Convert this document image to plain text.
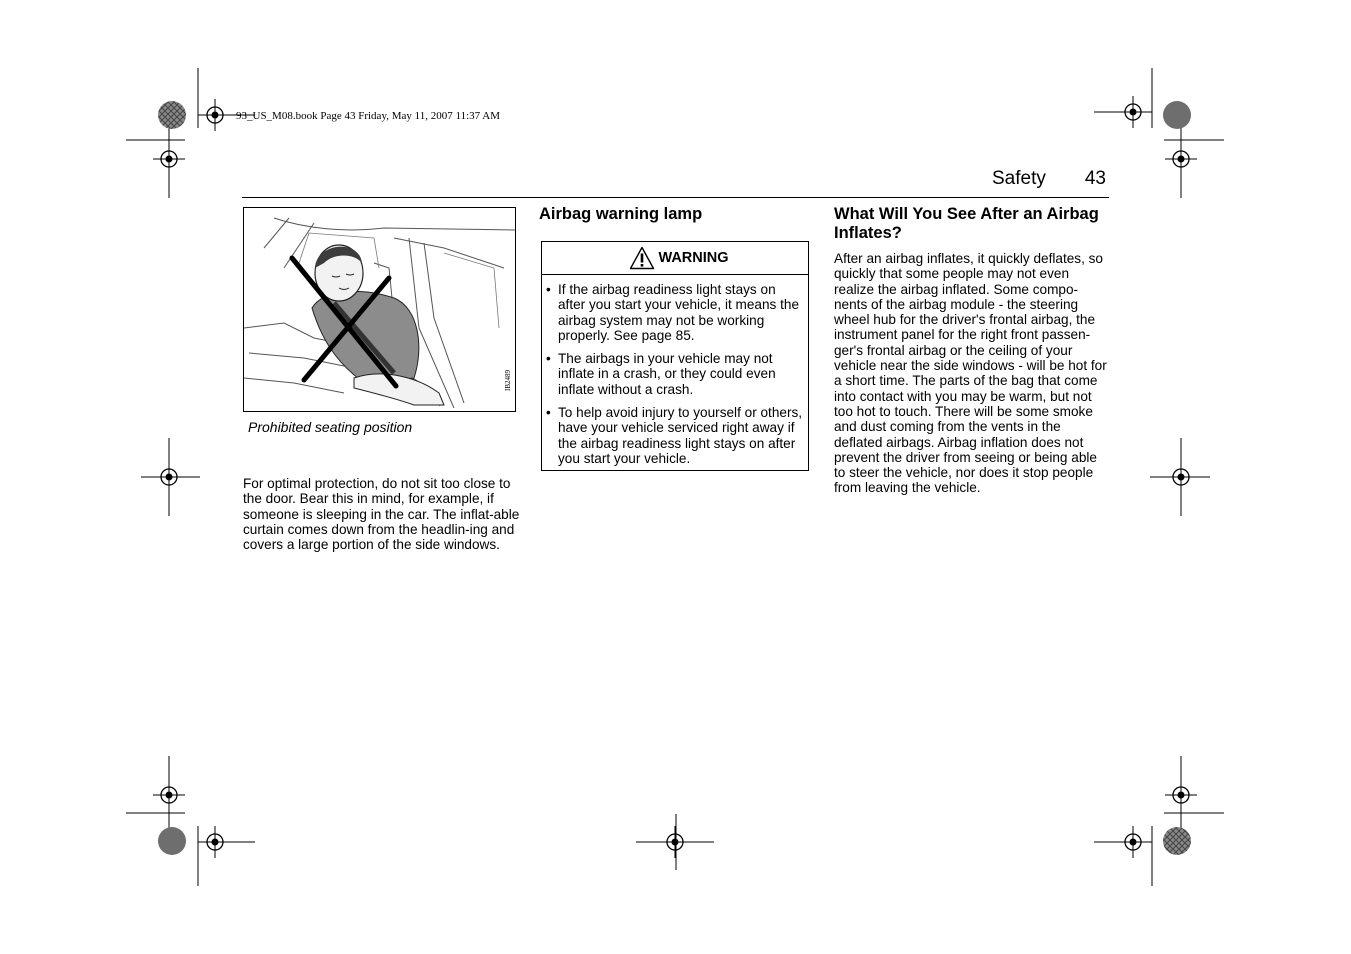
93_US_M08.book Page 43 Friday, May 11, 2007 11:37 AM
Safety 43
IB2489
Prohibited seating position
For optimal protection, do not sit too close to the door. Bear this in mind, for example, if someone is sleeping in the car. The inflat-able curtain comes down from the headlin-ing and covers a large portion of the side windows.
Airbag warning lamp
WARNING
• If the airbag readiness light stays on after you start your vehicle, it means the airbag system may not be working properly. See page 85.
• The airbags in your vehicle may not inflate in a crash, or they could even inflate without a crash.
• To help avoid injury to yourself or others, have your vehicle serviced right away if the airbag readiness light stays on after you start your vehicle.
What Will You See After an Airbag Inflates?
After an airbag inflates, it quickly deflates, so quickly that some people may not even realize the airbag inflated. Some compo-nents of the airbag module - the steering wheel hub for the driver's frontal airbag, the instrument panel for the right front passen-ger's frontal airbag or the ceiling of your vehicle near the side windows - will be hot for a short time. The parts of the bag that come into contact with you may be warm, but not too hot to touch. There will be some smoke and dust coming from the vents in the deflated airbags. Airbag inflation does not prevent the driver from seeing or being able to steer the vehicle, nor does it stop people from leaving the vehicle.
